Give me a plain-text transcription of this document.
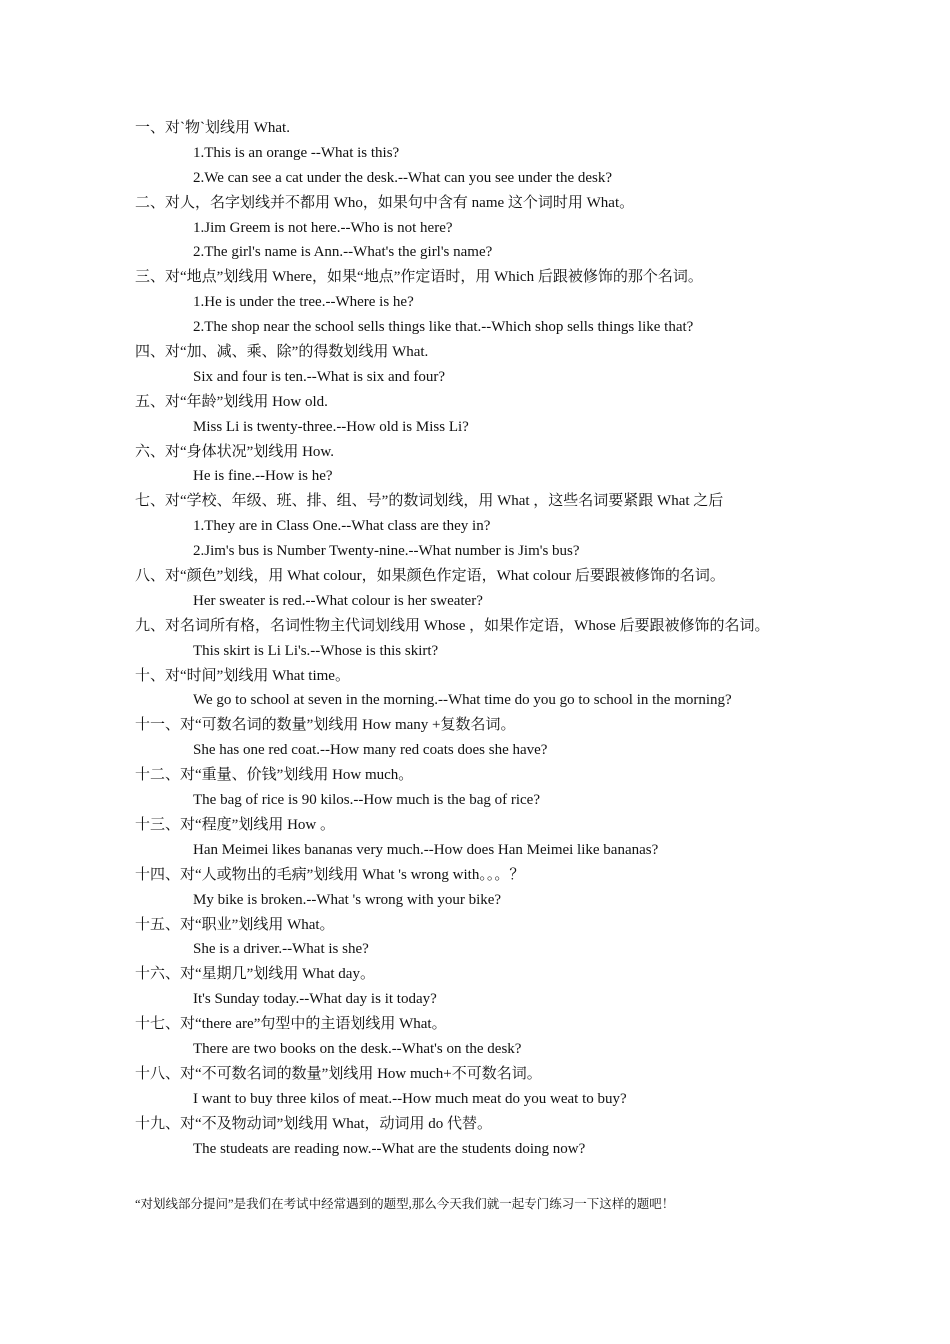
一、对`物`划线用 What.
1.This is an orange --What is this?
2.We can see a cat under the desk.--What can you see under the desk?
二、对人，名字划线并不都用 Who，如果句中含有 name 这个词时用 What。
1.Jim Greem is not here.--Who is not here?
2.The girl's name is Ann.--What's the girl's name?
三、对“地点”划线用 Where，如果“地点”作定语时，用 Which 后跟被修饰的那个名词。
1.He is under the tree.--Where is he?
2.The shop near the school sells things like that.--Which shop sells things like that?
四、对“加、减、乘、除”的得数划线用 What.
Six and four is ten.--What is six and four?
五、对“年龄”划线用 How old.
Miss Li is twenty-three.--How old is Miss Li?
六、对“身体状况”划线用 How.
He is fine.--How is he?
七、对“学校、年级、班、排、组、号”的数词划线，用 What ，这些名词要紧跟 What 之后
1.They are in Class One.--What class are they in?
2.Jim's bus is Number Twenty-nine.--What number is Jim's bus?
八、对“颜色”划线，用 What colour，如果颜色作定语，What colour 后要跟被修饰的名词。
Her sweater is red.--What colour is her sweater?
九、对名词所有格，名词性物主代词划线用 Whose ，如果作定语，Whose 后要跟被修饰的名词。
This skirt is Li Li's.--Whose is this skirt?
十、对“时间”划线用 What time。
We go to school at seven in the morning.--What time do you go to school in the morning?
十一、对“可数名词的数量”划线用 How many +复数名词。
She has one red coat.--How many red coats does she have?
十二、对“重量、价钱”划线用 How much。
The bag of rice is 90 kilos.--How much is the bag of rice?
十三、对“程度”划线用 How 。
Han Meimei likes bananas very much.--How does Han Meimei like bananas?
十四、对“人或物出的毛病”划线用 What 's wrong with。。。？
My bike is broken.--What 's wrong with your bike?
十五、对“职业”划线用 What。
She is a driver.--What is she?
十六、对“星期几”划线用 What day。
It's Sunday today.--What day is it today?
十七、对“there are”句型中的主语划线用 What。
There are two books on the desk.--What's on the desk?
十八、对“不可数名词的数量”划线用 How much+不可数名词。
I want to buy three kilos of meat.--How much meat do you weat to buy?
十九、对“不及物动词”划线用 What，动词用 do 代替。
The studeats are reading now.--What are the students doing now?
“对划线部分提问”是我们在考试中经常遇到的题型,那么今天我们就一起专门练习一下这样的题吧！
